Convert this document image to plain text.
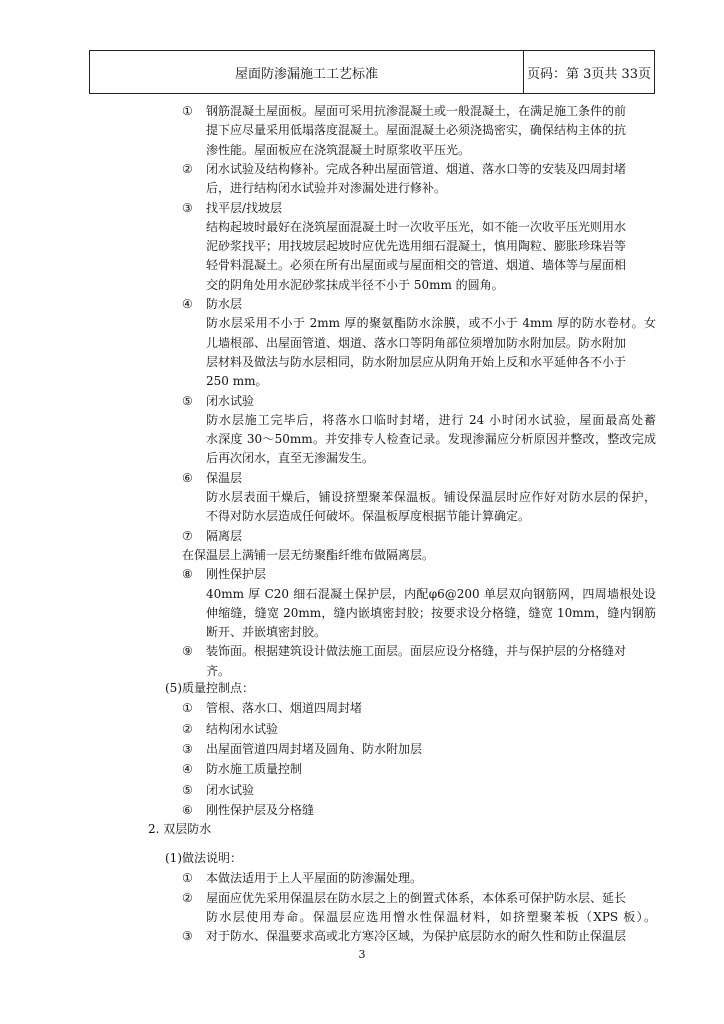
屋面防渗漏施工工艺标准	页码：第 3页共 33页
① 钢筋混凝土屋面板。屋面可采用抗渗混凝土或一般混凝土，在满足施工条件的前
提下应尽量采用低塌落度混凝土。屋面混凝土必须浇捣密实，确保结构主体的抗
渗性能。屋面板应在浇筑混凝土时原浆收平压光。
② 闭水试验及结构修补。完成各种出屋面管道、烟道、落水口等的安装及四周封堵
后，进行结构闭水试验并对渗漏处进行修补。
③ 找平层/找坡层
结构起坡时最好在浇筑屋面混凝土时一次收平压光，如不能一次收平压光则用水
泥砂浆找平；用找坡层起坡时应优先选用细石混凝土，慎用陶粒、膨胀珍珠岩等
轻骨料混凝土。必须在所有出屋面或与屋面相交的管道、烟道、墙体等与屋面相
交的阴角处用水泥砂浆抹成半径不小于 50mm 的圆角。
④ 防水层
防水层采用不小于 2mm 厚的聚氨酯防水涂膜，或不小于 4mm 厚的防水卷材。女
儿墙根部、出屋面管道、烟道、落水口等阴角部位须增加防水附加层。防水附加
层材料及做法与防水层相同，防水附加层应从阴角开始上反和水平延伸各不小于
250 mm。
⑤ 闭水试验
防水层施工完毕后，将落水口临时封堵，进行 24 小时闭水试验，屋面最高处蓄
水深度 30～50mm。并安排专人检查记录。发现渗漏应分析原因并整改，整改完成
后再次闭水，直至无渗漏发生。
⑥ 保温层
防水层表面干燥后，铺设挤塑聚苯保温板。铺设保温层时应作好对防水层的保护，
不得对防水层造成任何破坏。保温板厚度根据节能计算确定。
⑦ 隔离层
在保温层上满铺一层无纺聚酯纤维布做隔离层。
⑧ 刚性保护层
40mm 厚 C20 细石混凝土保护层，内配φ6@200 单层双向钢筋网，四周墙根处设
伸缩缝，缝宽 20mm，缝内嵌填密封胶；按要求设分格缝，缝宽 10mm，缝内钢筋
断开、并嵌填密封胶。
⑨ 装饰面。根据建筑设计做法施工面层。面层应设分格缝，并与保护层的分格缝对
齐。
(5)质量控制点：
① 管根、落水口、烟道四周封堵
② 结构闭水试验
③ 出屋面管道四周封堵及圆角、防水附加层
④ 防水施工质量控制
⑤ 闭水试验
⑥ 刚性保护层及分格缝
2. 双层防水
(1)做法说明：
① 本做法适用于上人平屋面的防渗漏处理。
② 屋面应优先采用保温层在防水层之上的倒置式体系，本体系可保护防水层、延长
防水层使用寿命。保温层应选用憎水性保温材料，如挤塑聚苯板（XPS 板）。
③ 对于防水、保温要求高或北方寒冷区域，为保护底层防水的耐久性和防止保温层
3
